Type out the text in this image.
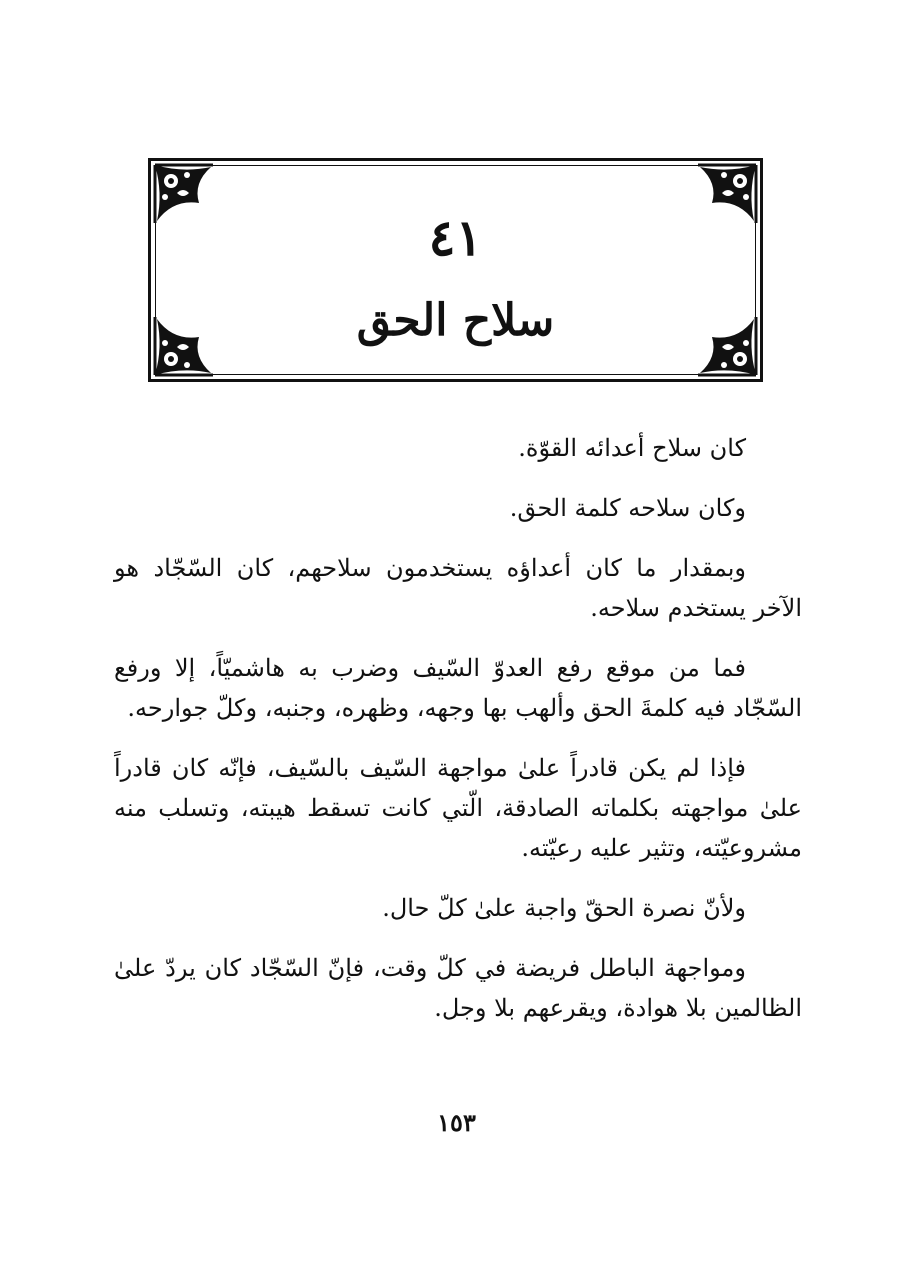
٤١
سلاح الحق

كان سلاح أعدائه القوّة.

وكان سلاحه كلمة الحق.

وبمقدار ما كان أعداؤه يستخدمون سلاحهم، كان السّجّاد هو الآخر يستخدم سلاحه.

فما من موقع رفع العدوّ السّيف وضرب به هاشميّاً، إلا ورفع السّجّاد فيه كلمةَ الحق وألهب بها وجهه، وظهره، وجنبه، وكلّ جوارحه.

فإذا لم يكن قادراً علىٰ مواجهة السّيف بالسّيف، فإنّه كان قادراً علىٰ مواجهته بكلماته الصادقة، الّتي كانت تسقط هيبته، وتسلب منه مشروعيّته، وتثير عليه رعيّته.

ولأنّ نصرة الحقّ واجبة علىٰ كلّ حال.

ومواجهة الباطل فريضة في كلّ وقت، فإنّ السّجّاد كان يردّ علىٰ الظالمين بلا هوادة، ويقرعهم بلا وجل.

١٥٣
